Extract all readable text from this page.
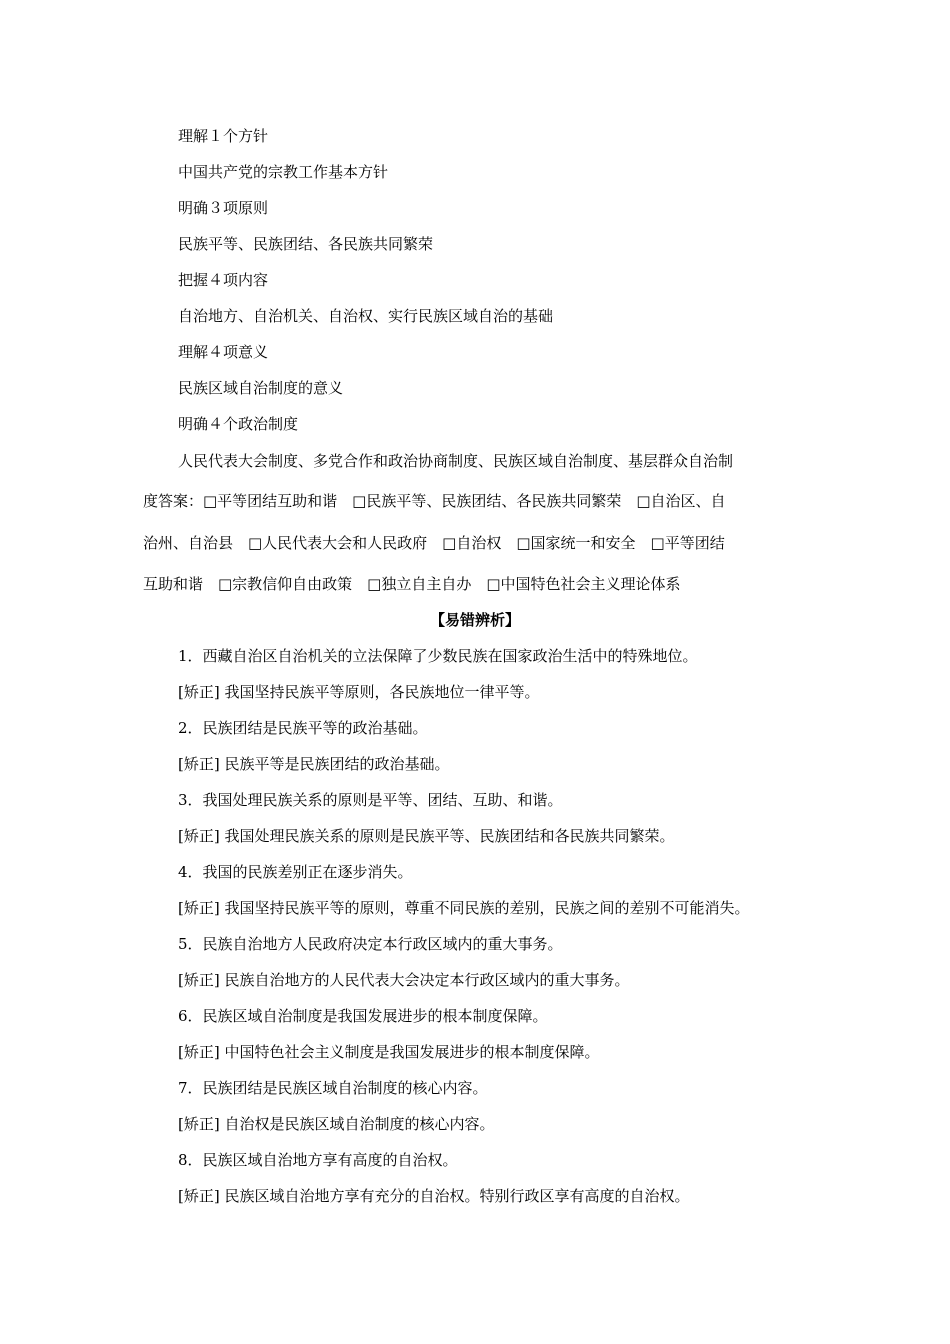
理解１个方针
中国共产党的宗教工作基本方针
明确３项原则
民族平等、民族团结、各民族共同繁荣
把握４项内容
自治地方、自治机关、自治权、实行民族区域自治的基础
理解４项意义
民族区域自治制度的意义
明确４个政治制度
人民代表大会制度、多党合作和政治协商制度、民族区域自治制度、基层群众自治制
度答案：□平等团结互助和谐　□民族平等、民族团结、各民族共同繁荣　□自治区、自
治州、自治县　□人民代表大会和人民政府　□自治权　□国家统一和安全　□平等团结
互助和谐　□宗教信仰自由政策　□独立自主自办　□中国特色社会主义理论体系
【易错辨析】
1．西藏自治区自治机关的立法保障了少数民族在国家政治生活中的特殊地位。
[矫正] 我国坚持民族平等原则，各民族地位一律平等。
2．民族团结是民族平等的政治基础。
[矫正] 民族平等是民族团结的政治基础。
3．我国处理民族关系的原则是平等、团结、互助、和谐。
[矫正] 我国处理民族关系的原则是民族平等、民族团结和各民族共同繁荣。
4．我国的民族差别正在逐步消失。
[矫正] 我国坚持民族平等的原则，尊重不同民族的差别，民族之间的差别不可能消失。
5．民族自治地方人民政府决定本行政区域内的重大事务。
[矫正] 民族自治地方的人民代表大会决定本行政区域内的重大事务。
6．民族区域自治制度是我国发展进步的根本制度保障。
[矫正] 中国特色社会主义制度是我国发展进步的根本制度保障。
7．民族团结是民族区域自治制度的核心内容。
[矫正] 自治权是民族区域自治制度的核心内容。
8．民族区域自治地方享有高度的自治权。
[矫正] 民族区域自治地方享有充分的自治权。特别行政区享有高度的自治权。
